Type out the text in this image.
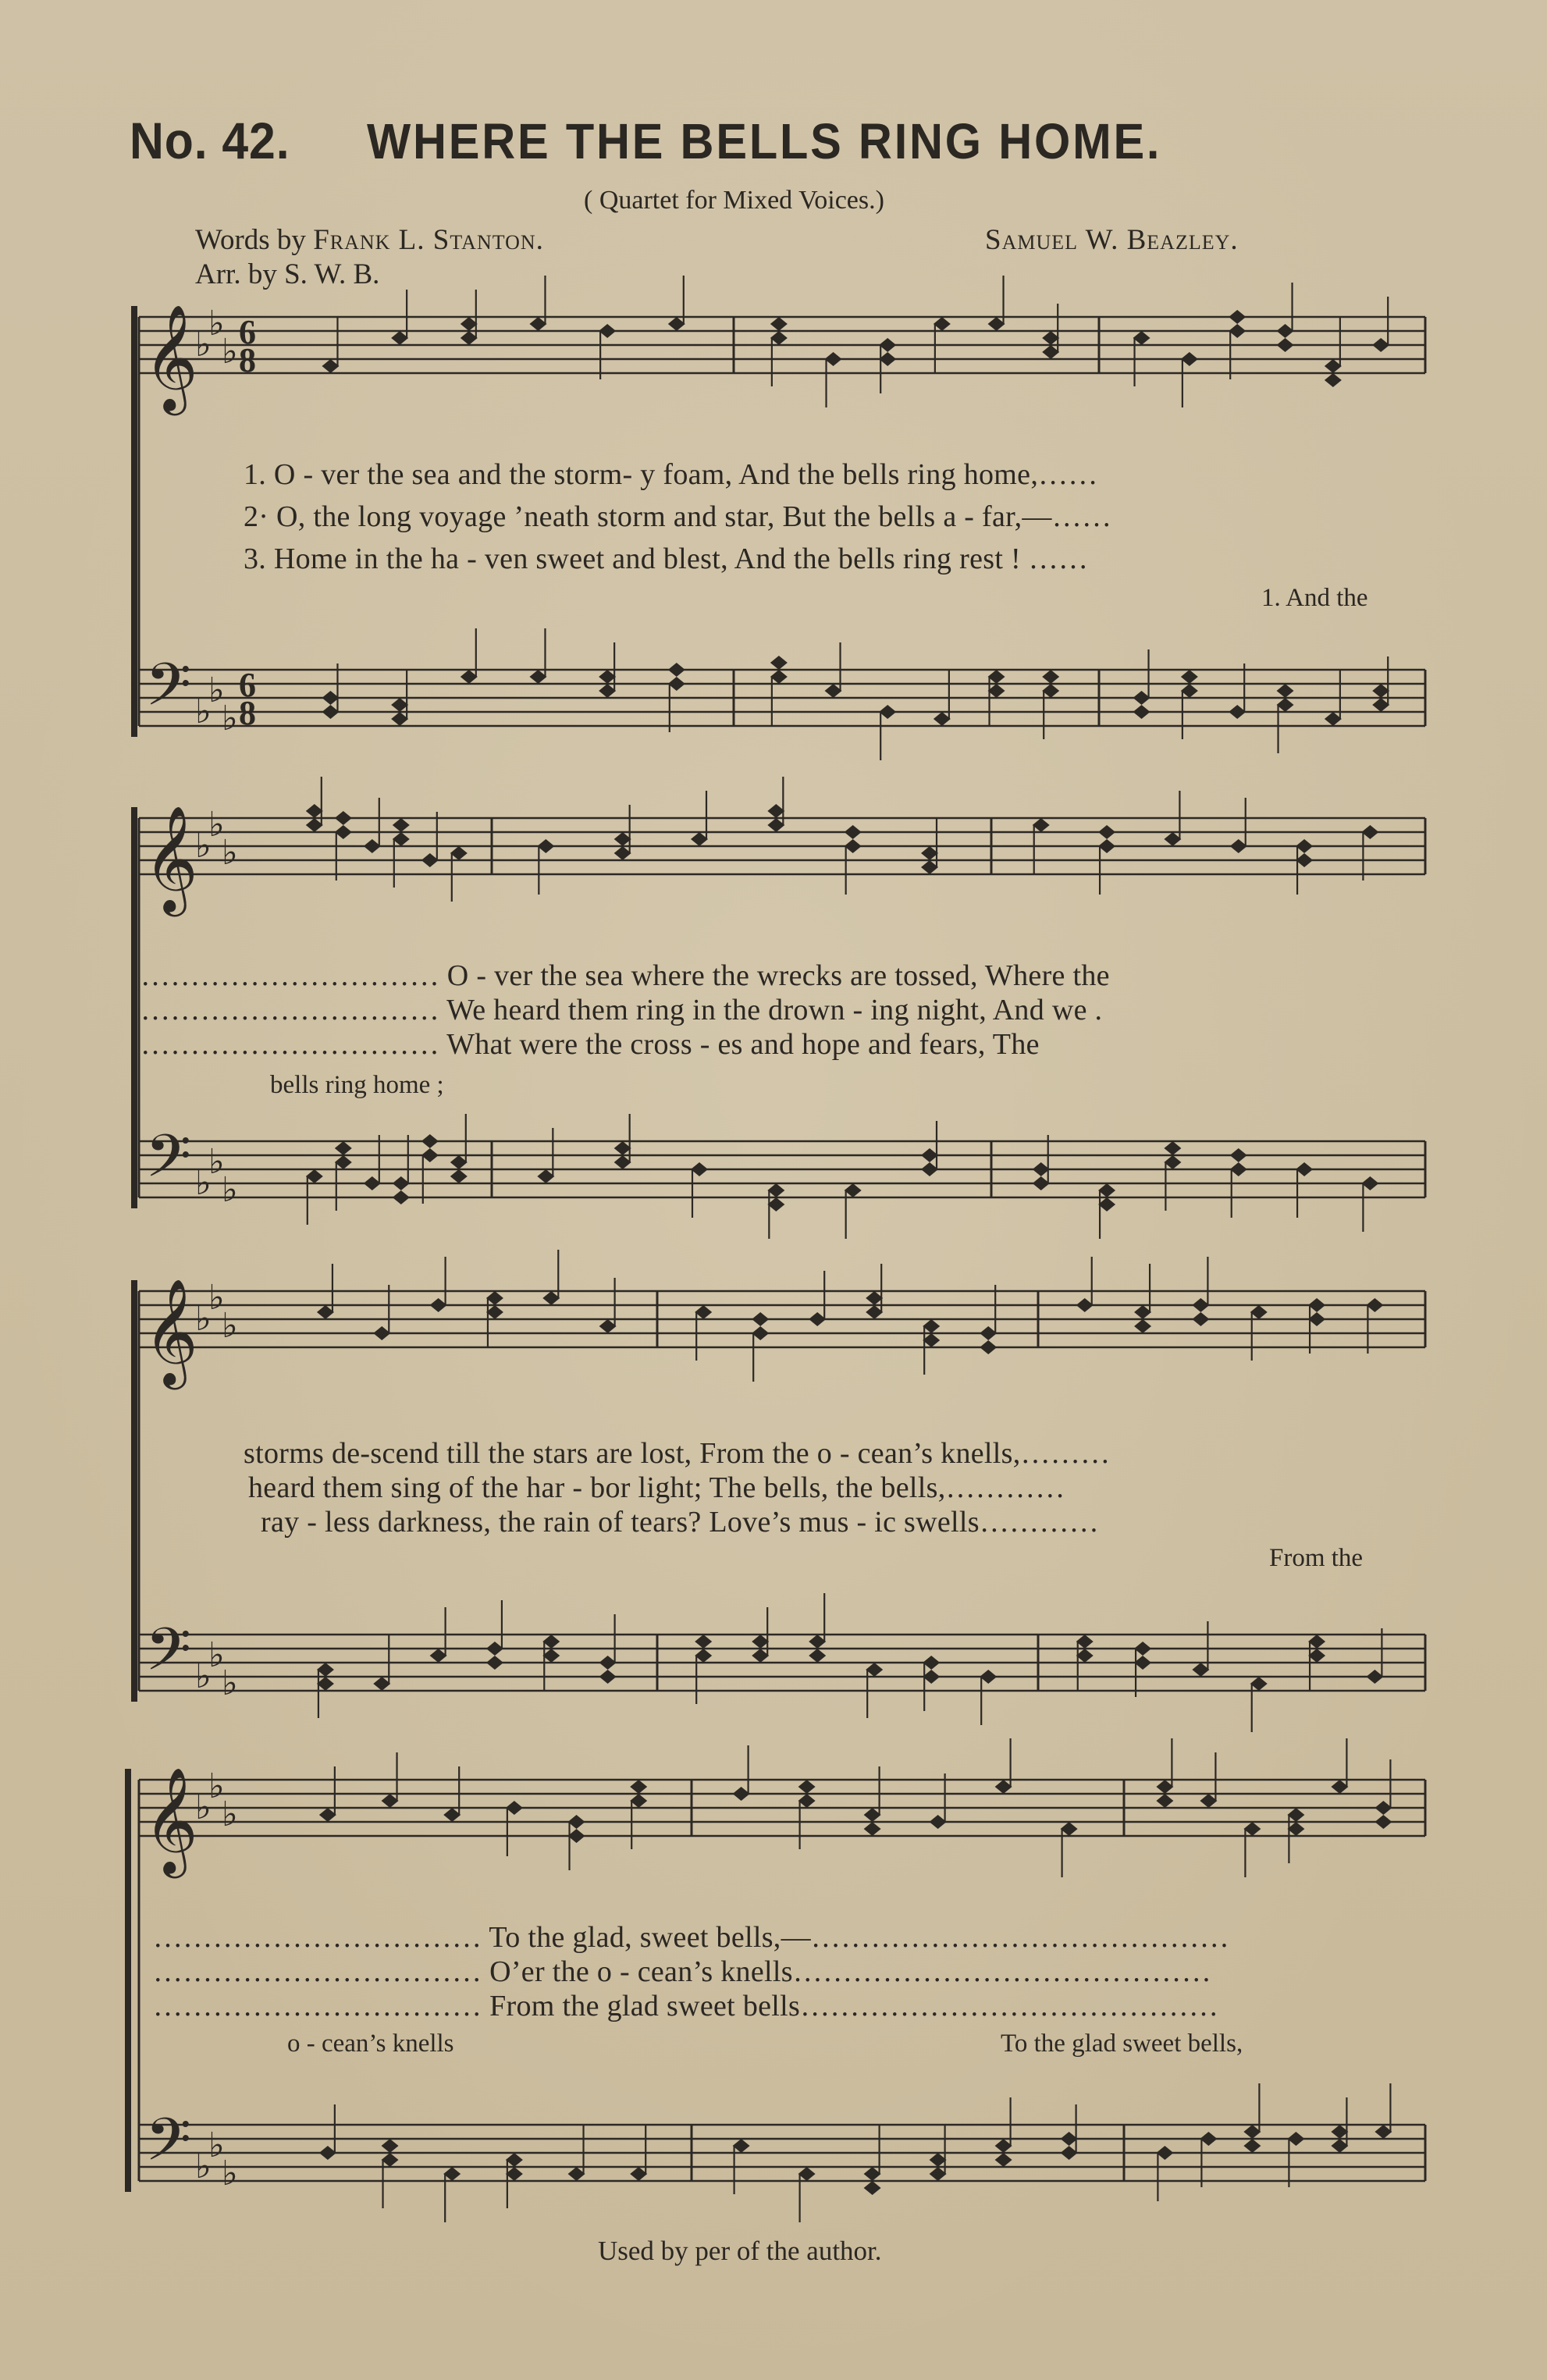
No. 42. WHERE THE BELLS RING HOME.
( Quartet for Mixed Voices.)
Words by Frank L. Stanton.	Samuel W. Beazley.
Arr. by S. W. B.
𝄞
𝄢
♭
♭
♭
♭
♭
♭
6
8
6
8
𝄞
𝄢
♭
♭
♭
♭
♭
♭
𝄞
𝄢
♭
♭
♭
♭
♭
♭
𝄞
𝄢
♭
♭
♭
♭
♭
♭
1. O - ver the sea and the storm- y foam, And the bells ring home,……
2· O, the long voyage ’neath storm and star, But the bells a - far,—……
3. Home in the ha - ven sweet and blest, And the bells ring rest ! ……
1. And the
………………………… O - ver the sea where the wrecks are tossed, Where the
………………………… We heard them ring in the drown - ing night, And we .
………………………… What were the cross - es and hope and fears, The
bells ring home ;
storms de-scend till the stars are lost, From the o - cean’s knells,………
heard them sing of the har - bor light; The bells, the bells,…………
ray - less darkness, the rain of tears? Love’s mus - ic swells…………
From the
…………………………… To the glad, sweet bells,—……………………………………
…………………………… O’er the o - cean’s knells……………………………………
…………………………… From the glad sweet bells……………………………………
o - cean’s knells	To the glad sweet bells,
Used by per of the author.
